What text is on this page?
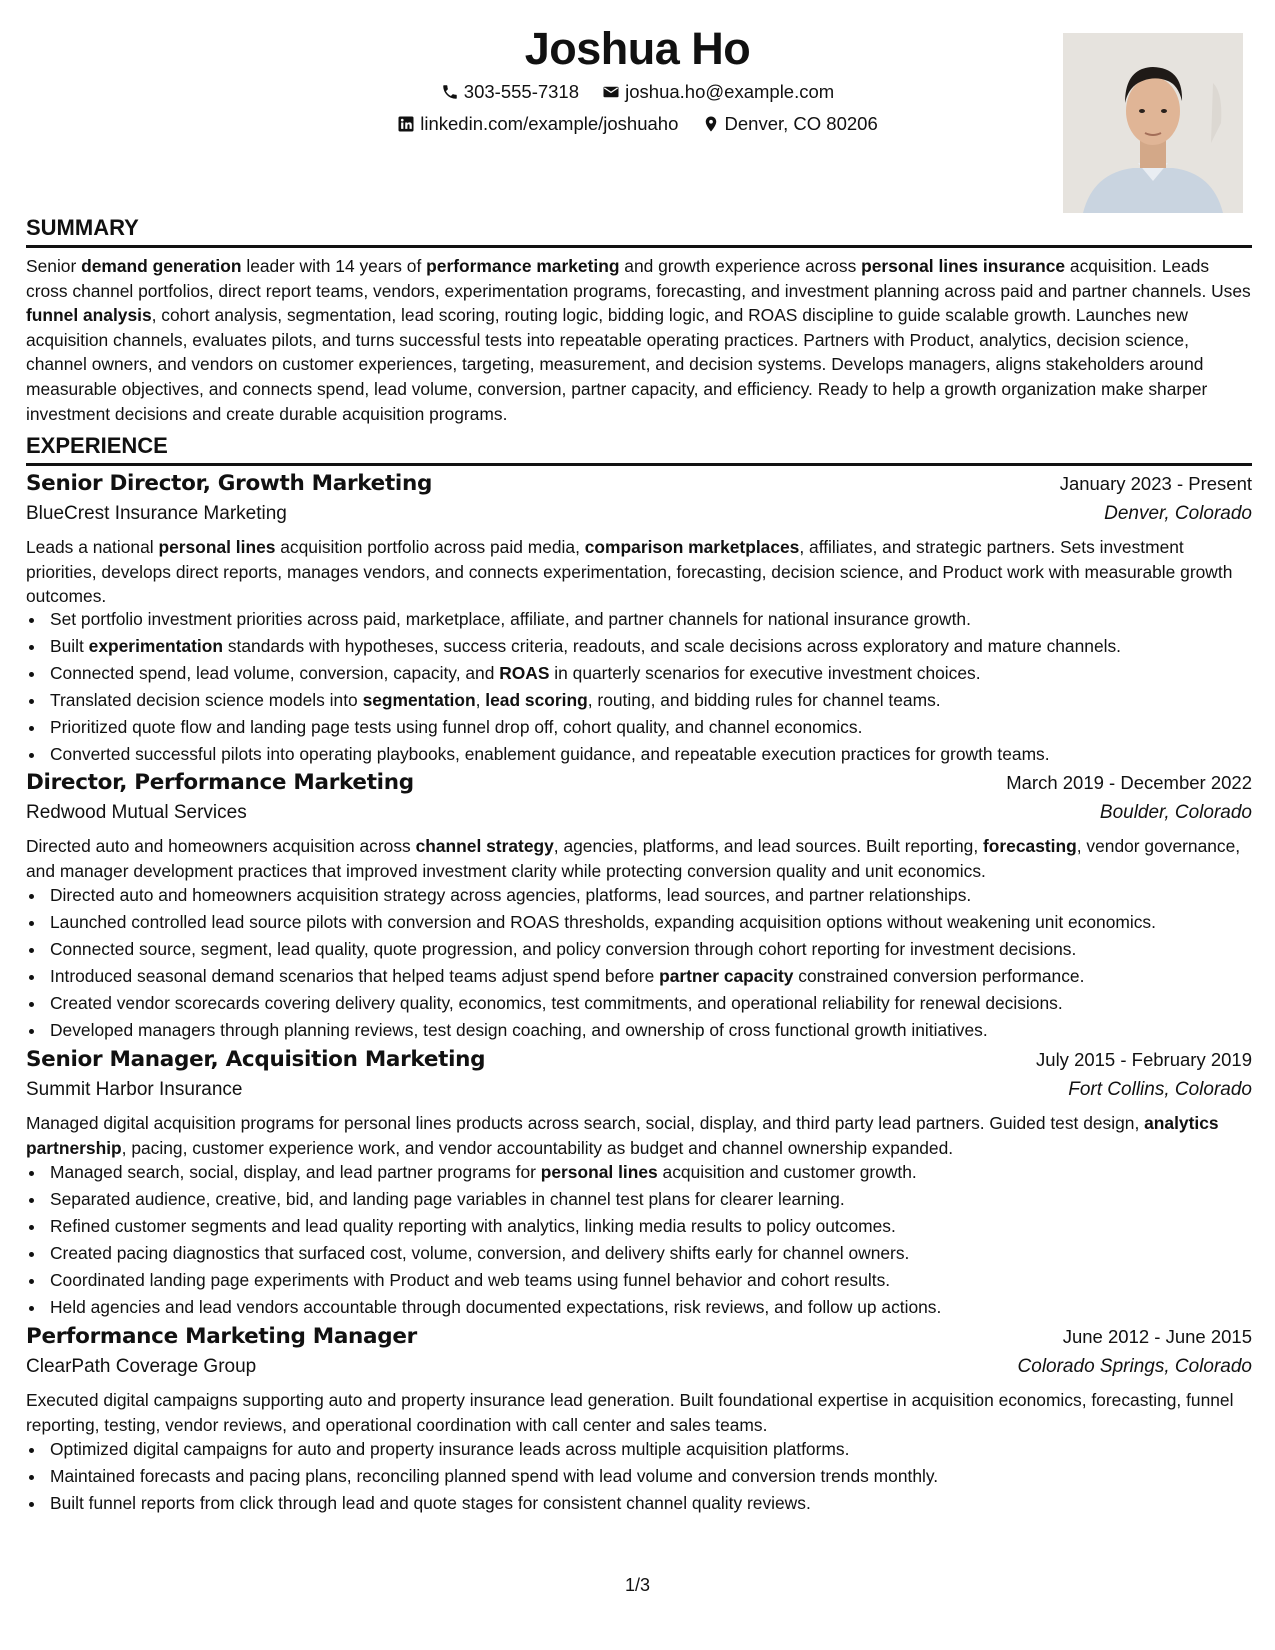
Joshua Ho
303-555-7318
joshua.ho@example.com
linkedin.com/example/joshuaho
Denver, CO 80206
SUMMARY

Senior demand generation leader with 14 years of performance marketing and growth experience across personal lines insurance acquisition. Leads cross channel portfolios, direct report teams, vendors, experimentation programs, forecasting, and investment planning across paid and partner channels. Uses funnel analysis, cohort analysis, segmentation, lead scoring, routing logic, bidding logic, and ROAS discipline to guide scalable growth. Launches new acquisition channels, evaluates pilots, and turns successful tests into repeatable operating practices. Partners with Product, analytics, decision science, channel owners, and vendors on customer experiences, targeting, measurement, and decision systems. Develops managers, aligns stakeholders around measurable objectives, and connects spend, lead volume, conversion, partner capacity, and efficiency. Ready to help a growth organization make sharper investment decisions and create durable acquisition programs.

EXPERIENCE
Senior Director, Growth Marketing	January 2023 - Present
BlueCrest Insurance Marketing	Denver, Colorado

Leads a national personal lines acquisition portfolio across paid media, comparison marketplaces, affiliates, and strategic partners. Sets investment priorities, develops direct reports, manages vendors, and connects experimentation, forecasting, decision science, and Product work with measurable growth outcomes.

• Set portfolio investment priorities across paid, marketplace, affiliate, and partner channels for national insurance growth.
• Built experimentation standards with hypotheses, success criteria, readouts, and scale decisions across exploratory and mature channels.
• Connected spend, lead volume, conversion, capacity, and ROAS in quarterly scenarios for executive investment choices.
• Translated decision science models into segmentation, lead scoring, routing, and bidding rules for channel teams.
• Prioritized quote flow and landing page tests using funnel drop off, cohort quality, and channel economics.
• Converted successful pilots into operating playbooks, enablement guidance, and repeatable execution practices for growth teams.
Director, Performance Marketing	March 2019 - December 2022
Redwood Mutual Services	Boulder, Colorado

Directed auto and homeowners acquisition across channel strategy, agencies, platforms, and lead sources. Built reporting, forecasting, vendor governance, and manager development practices that improved investment clarity while protecting conversion quality and unit economics.

• Directed auto and homeowners acquisition strategy across agencies, platforms, lead sources, and partner relationships.
• Launched controlled lead source pilots with conversion and ROAS thresholds, expanding acquisition options without weakening unit economics.
• Connected source, segment, lead quality, quote progression, and policy conversion through cohort reporting for investment decisions.
• Introduced seasonal demand scenarios that helped teams adjust spend before partner capacity constrained conversion performance.
• Created vendor scorecards covering delivery quality, economics, test commitments, and operational reliability for renewal decisions.
• Developed managers through planning reviews, test design coaching, and ownership of cross functional growth initiatives.
Senior Manager, Acquisition Marketing	July 2015 - February 2019
Summit Harbor Insurance	Fort Collins, Colorado

Managed digital acquisition programs for personal lines products across search, social, display, and third party lead partners. Guided test design, analytics partnership, pacing, customer experience work, and vendor accountability as budget and channel ownership expanded.

• Managed search, social, display, and lead partner programs for personal lines acquisition and customer growth.
• Separated audience, creative, bid, and landing page variables in channel test plans for clearer learning.
• Refined customer segments and lead quality reporting with analytics, linking media results to policy outcomes.
• Created pacing diagnostics that surfaced cost, volume, conversion, and delivery shifts early for channel owners.
• Coordinated landing page experiments with Product and web teams using funnel behavior and cohort results.
• Held agencies and lead vendors accountable through documented expectations, risk reviews, and follow up actions.
Performance Marketing Manager	June 2012 - June 2015
ClearPath Coverage Group	Colorado Springs, Colorado

Executed digital campaigns supporting auto and property insurance lead generation. Built foundational expertise in acquisition economics, forecasting, funnel reporting, testing, vendor reviews, and operational coordination with call center and sales teams.

• Optimized digital campaigns for auto and property insurance leads across multiple acquisition platforms.
• Maintained forecasts and pacing plans, reconciling planned spend with lead volume and conversion trends monthly.
• Built funnel reports from click through lead and quote stages for consistent channel quality reviews.
1/3
